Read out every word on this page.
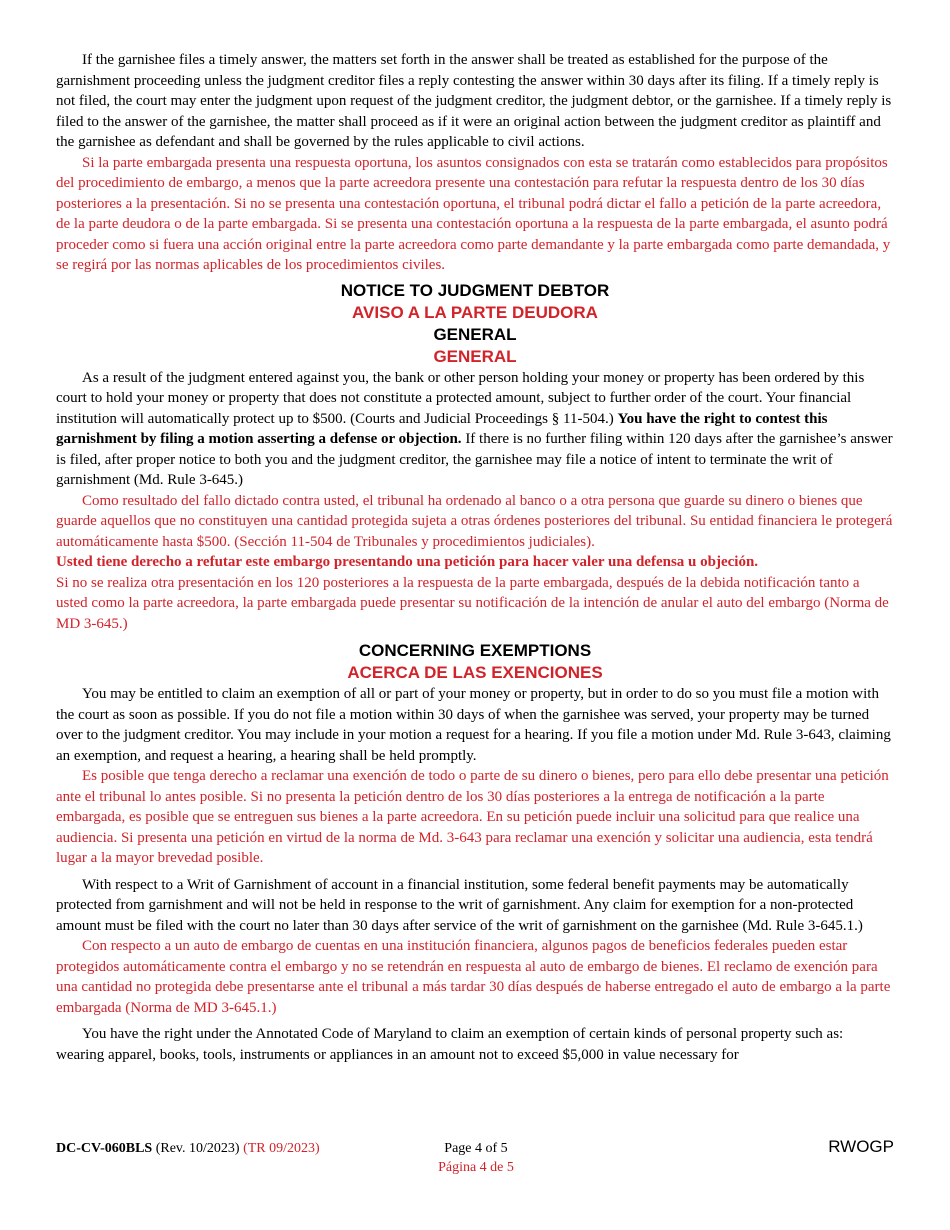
If the garnishee files a timely answer, the matters set forth in the answer shall be treated as established for the purpose of the garnishment proceeding unless the judgment creditor files a reply contesting the answer within 30 days after its filing. If a timely reply is not filed, the court may enter the judgment upon request of the judgment creditor, the judgment debtor, or the garnishee. If a timely reply is filed to the answer of the garnishee, the matter shall proceed as if it were an original action between the judgment creditor as plaintiff and the garnishee as defendant and shall be governed by the rules applicable to civil actions.

Si la parte embargada presenta una respuesta oportuna, los asuntos consignados con esta se tratarán como establecidos para propósitos del procedimiento de embargo, a menos que la parte acreedora presente una contestación para refutar la respuesta dentro de los 30 días posteriores a la presentación. Si no se presenta una contestación oportuna, el tribunal podrá dictar el fallo a petición de la parte acreedora, de la parte deudora o de la parte embargada. Si se presenta una contestación oportuna a la respuesta de la parte embargada, el asunto podrá proceder como si fuera una acción original entre la parte acreedora como parte demandante y la parte embargada como parte demandada, y se regirá por las normas aplicables de los procedimientos civiles.

NOTICE TO JUDGMENT DEBTOR
AVISO A LA PARTE DEUDORA
GENERAL
GENERAL

As a result of the judgment entered against you, the bank or other person holding your money or property has been ordered by this court to hold your money or property that does not constitute a protected amount, subject to further order of the court. Your financial institution will automatically protect up to $500. (Courts and Judicial Proceedings § 11-504.) You have the right to contest this garnishment by filing a motion asserting a defense or objection. If there is no further filing within 120 days after the garnishee’s answer is filed, after proper notice to both you and the judgment creditor, the garnishee may file a notice of intent to terminate the writ of garnishment (Md. Rule 3-645.)

Como resultado del fallo dictado contra usted, el tribunal ha ordenado al banco o a otra persona que guarde su dinero o bienes que guarde aquellos que no constituyen una cantidad protegida sujeta a otras órdenes posteriores del tribunal. Su entidad financiera le protegerá automáticamente hasta $500. (Sección 11-504 de Tribunales y procedimientos judiciales).

Usted tiene derecho a refutar este embargo presentando una petición para hacer valer una defensa u objeción.
Si no se realiza otra presentación en los 120 posteriores a la respuesta de la parte embargada, después de la debida notificación tanto a usted como la parte acreedora, la parte embargada puede presentar su notificación de la intención de anular el auto del embargo (Norma de MD 3-645.)
CONCERNING EXEMPTIONS
ACERCA DE LAS EXENCIONES

You may be entitled to claim an exemption of all or part of your money or property, but in order to do so you must file a motion with the court as soon as possible. If you do not file a motion within 30 days of when the garnishee was served, your property may be turned over to the judgment creditor. You may include in your motion a request for a hearing. If you file a motion under Md. Rule 3-643, claiming an exemption, and request a hearing, a hearing shall be held promptly.

Es posible que tenga derecho a reclamar una exención de todo o parte de su dinero o bienes, pero para ello debe presentar una petición ante el tribunal lo antes posible. Si no presenta la petición dentro de los 30 días posteriores a la entrega de notificación a la parte embargada, es posible que se entreguen sus bienes a la parte acreedora. En su petición puede incluir una solicitud para que realice una audiencia. Si presenta una petición en virtud de la norma de Md. 3-643 para reclamar una exención y solicitar una audiencia, esta tendrá lugar a la mayor brevedad posible.

With respect to a Writ of Garnishment of account in a financial institution, some federal benefit payments may be automatically protected from garnishment and will not be held in response to the writ of garnishment. Any claim for exemption for a non-protected amount must be filed with the court no later than 30 days after service of the writ of garnishment on the garnishee (Md. Rule 3-645.1.)

Con respecto a un auto de embargo de cuentas en una institución financiera, algunos pagos de beneficios federales pueden estar protegidos automáticamente contra el embargo y no se retendrán en respuesta al auto de embargo de bienes. El reclamo de exención para una cantidad no protegida debe presentarse ante el tribunal a más tardar 30 días después de haberse entregado el auto de embargo a la parte embargada (Norma de MD 3-645.1.)

You have the right under the Annotated Code of Maryland to claim an exemption of certain kinds of personal property such as: wearing apparel, books, tools, instruments or appliances in an amount not to exceed $5,000 in value necessary for

DC-CV-060BLS (Rev. 10/2023) (TR 09/2023)	Page 4 of 5
Página 4 de 5
RWOGP
